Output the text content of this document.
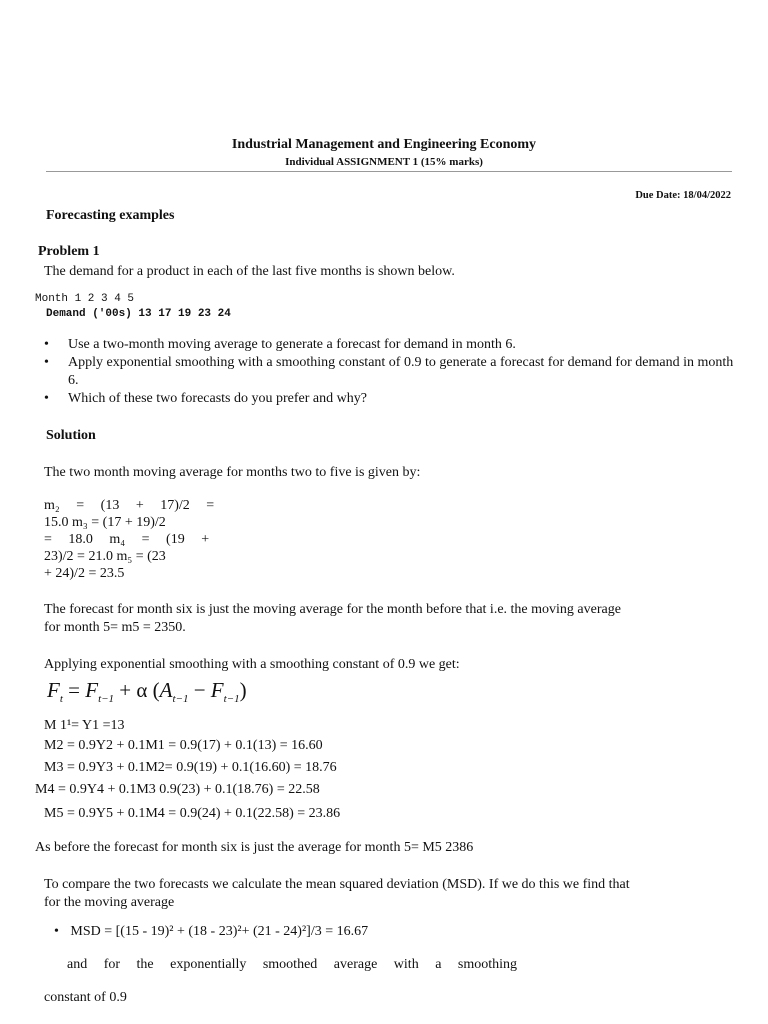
Industrial Management and Engineering Economy
Individual ASSIGNMENT 1 (15% marks)
Due Date: 18/04/2022
Forecasting examples
Problem 1
The demand for a product in each of the last five months is shown below.
Month 1 2 3 4 5
Demand ('00s) 13 17 19 23 24
• Use a two-month moving average to generate a forecast for demand in month 6.
• Apply exponential smoothing with a smoothing constant of 0.9 to generate a forecast for demand for demand in month 6.
• Which of these two forecasts do you prefer and why?
Solution
The two month moving average for months two to five is given by:
m₂ = (13 + 17)/2 =
15.0 m₃ = (17 + 19)/2
= 18.0 m₄ = (19 +
23)/2 = 21.0 m₅ = (23
+ 24)/2 = 23.5
The forecast for month six is just the moving average for the month before that i.e. the moving average
for month 5= m5 = 2350.
Applying exponential smoothing with a smoothing constant of 0.9 we get:
$F_t = F_{t-1} + \alpha$ $(A_{t-1} - F_{t-1})$
M 1¹= Y1 =13
M2 = 0.9Y2 + 0.1M1 = 0.9(17) + 0.1(13) = 16.60
M3 = 0.9Y3 + 0.1M2= 0.9(19) + 0.1(16.60) = 18.76
M4 = 0.9Y4 + 0.1M3 0.9(23) + 0.1(18.76) = 22.58
M5 = 0.9Y5 + 0.1M4 = 0.9(24) + 0.1(22.58) = 23.86
As before the forecast for month six is just the average for month 5= M5 2386
To compare the two forecasts we calculate the mean squared deviation (MSD). If we do this we find that
for the moving average
• MSD = [(15 - 19)² + (18 - 23)²+ (21 - 24)²]/3 = 16.67
and for the exponentially smoothed average with a smoothing
constant of 0.9
